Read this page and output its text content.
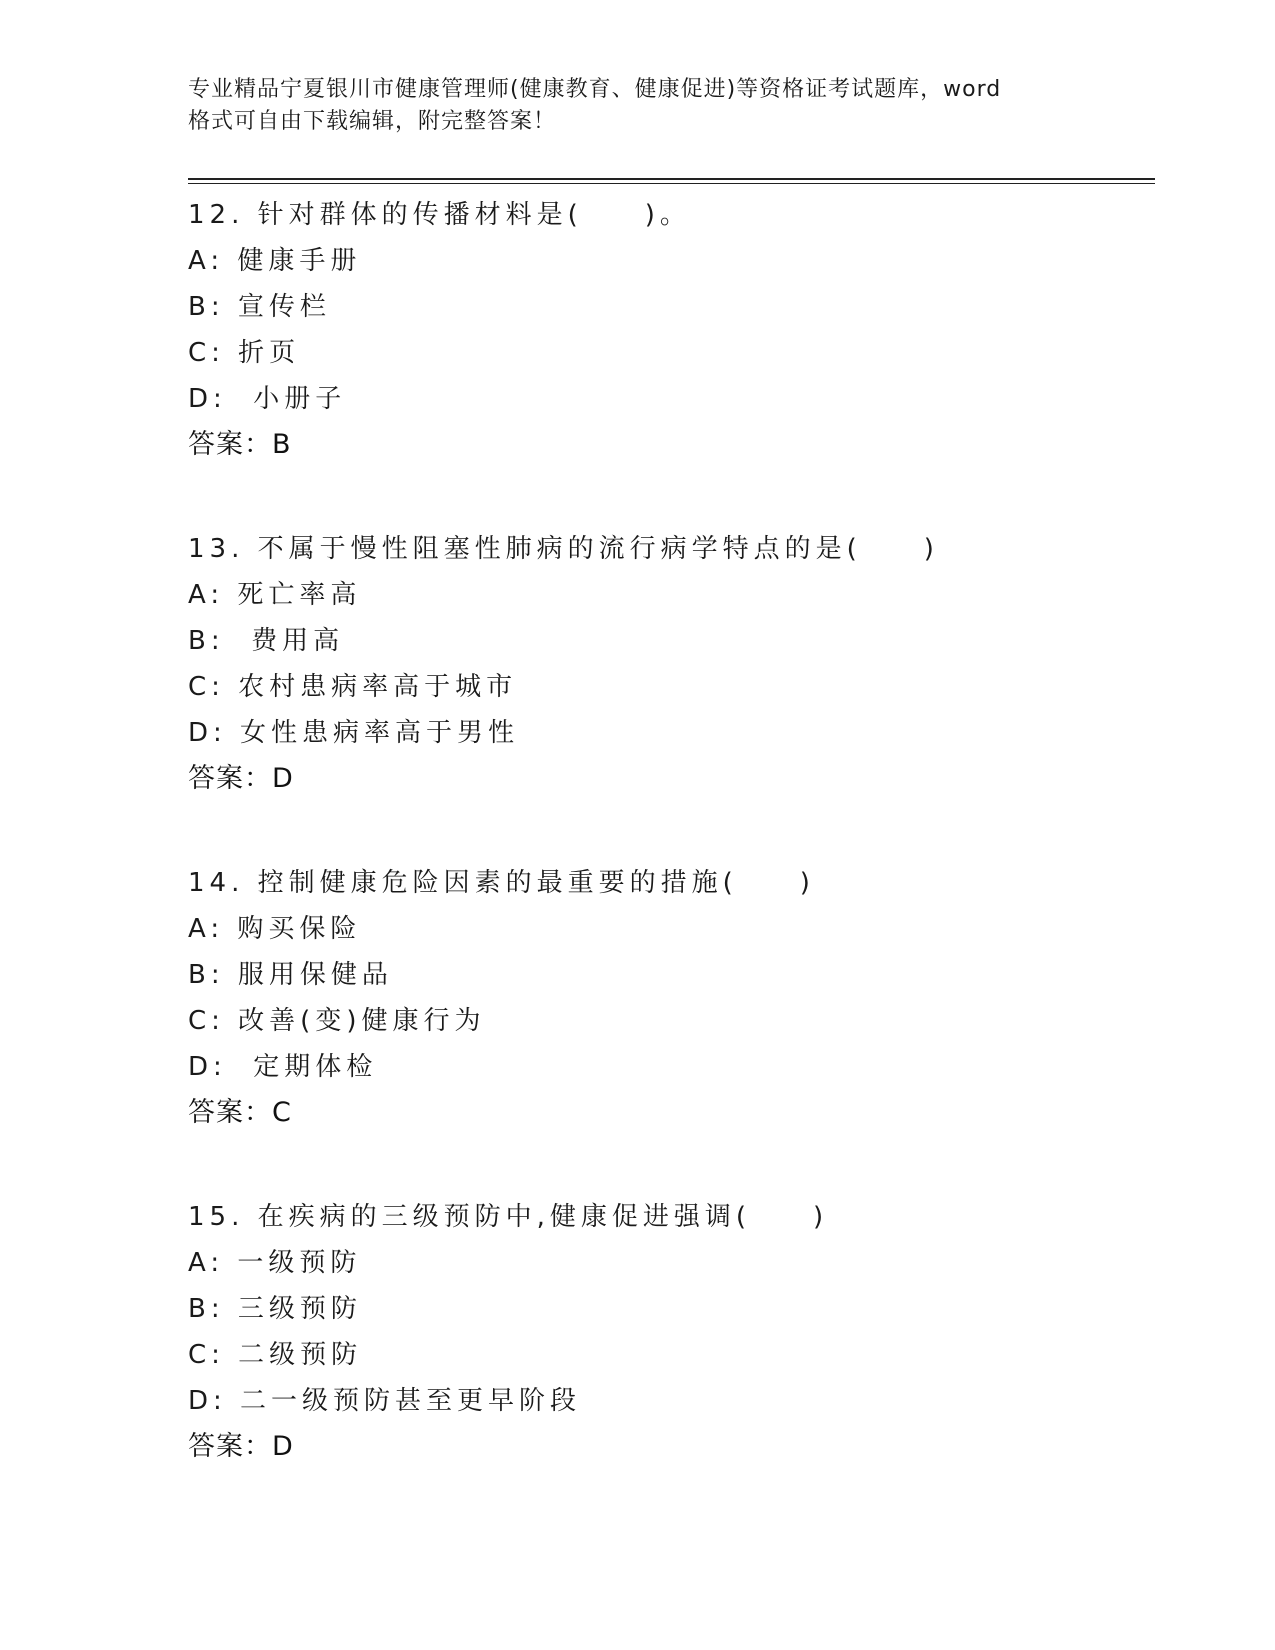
专业精品宁夏银川市健康管理师(健康教育、健康促进)等资格证考试题库，word
格式可自由下载编辑，附完整答案！
12. 针对群体的传播材料是(　　)。
A: 健康手册
B: 宣传栏
C: 折页
D:  小册子
答案：B
13. 不属于慢性阻塞性肺病的流行病学特点的是(　　)
A: 死亡率高
B:  费用高
C: 农村患病率高于城市
D: 女性患病率高于男性
答案：D
14. 控制健康危险因素的最重要的措施(　　)
A: 购买保险
B: 服用保健品
C: 改善(变)健康行为
D:  定期体检
答案：C
15. 在疾病的三级预防中,健康促进强调(　　)
A: 一级预防
B: 三级预防
C: 二级预防
D: 二一级预防甚至更早阶段
答案：D
